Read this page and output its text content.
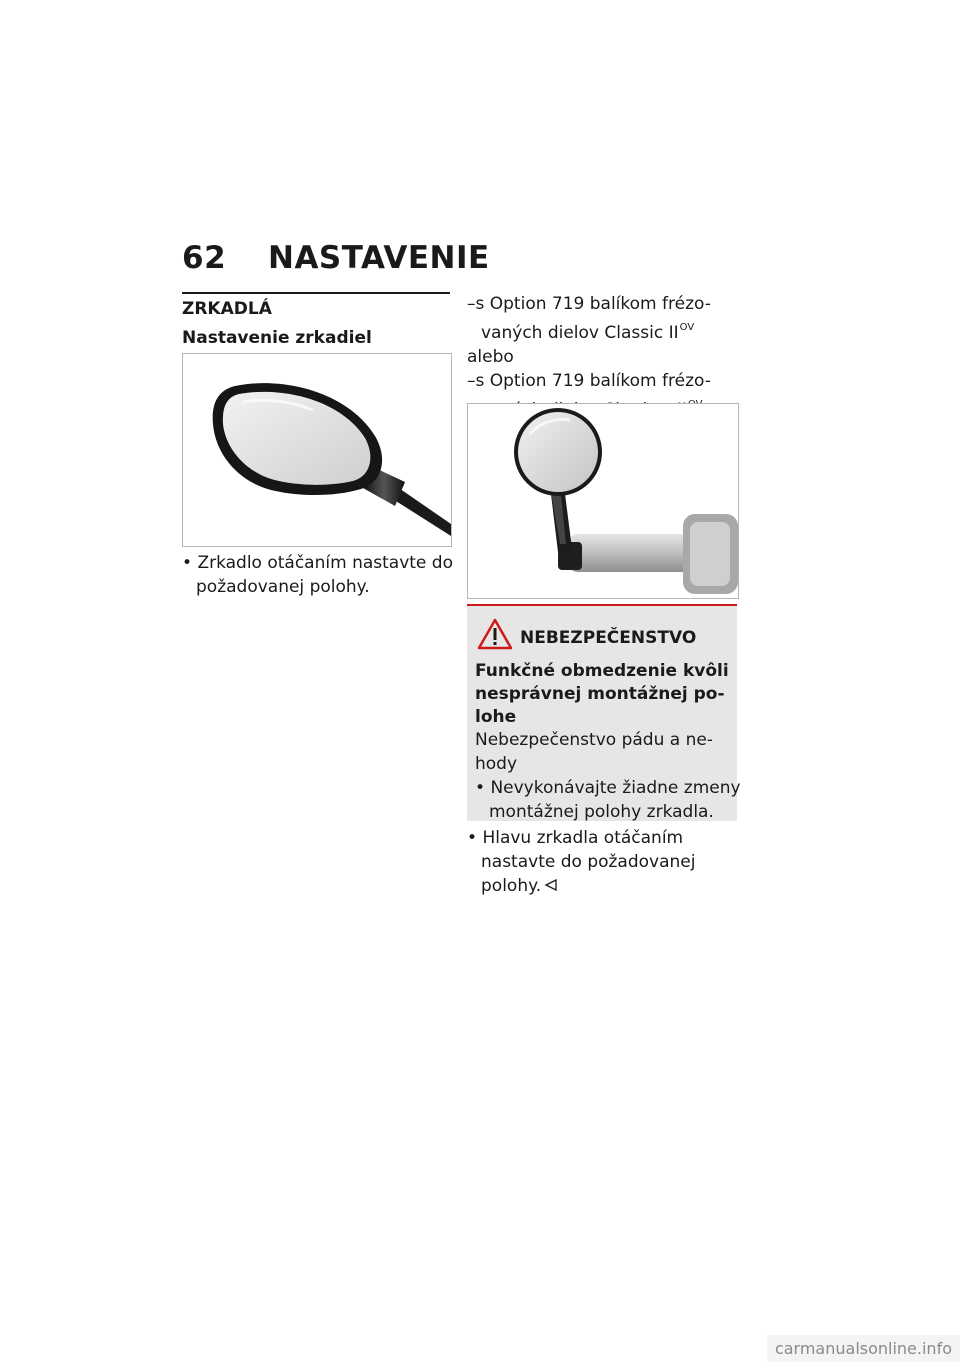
62 NASTAVENIE
ZRKADLÁ
Nastavenie zrkadiel
• Zrkadlo otáčaním nastavte do
požadovanej polohy.
–s Option 719 balíkom frézo-
vaných dielov Classic $II^{OV}$
alebo
–s Option 719 balíkom frézo-
NEBEZPEČENSTVO
Funkčné obmedzenie kvôli
nesprávnej montážnej po-
lohe
Nebezpečenstvo pádu a ne-
hody
• Nevykonávajte žiadne zmeny
montážnej polohy zrkadla.
• Hlavu zrkadla otáčaním
nastavte do požadovanej
polohy.
carmanualsonline.info
